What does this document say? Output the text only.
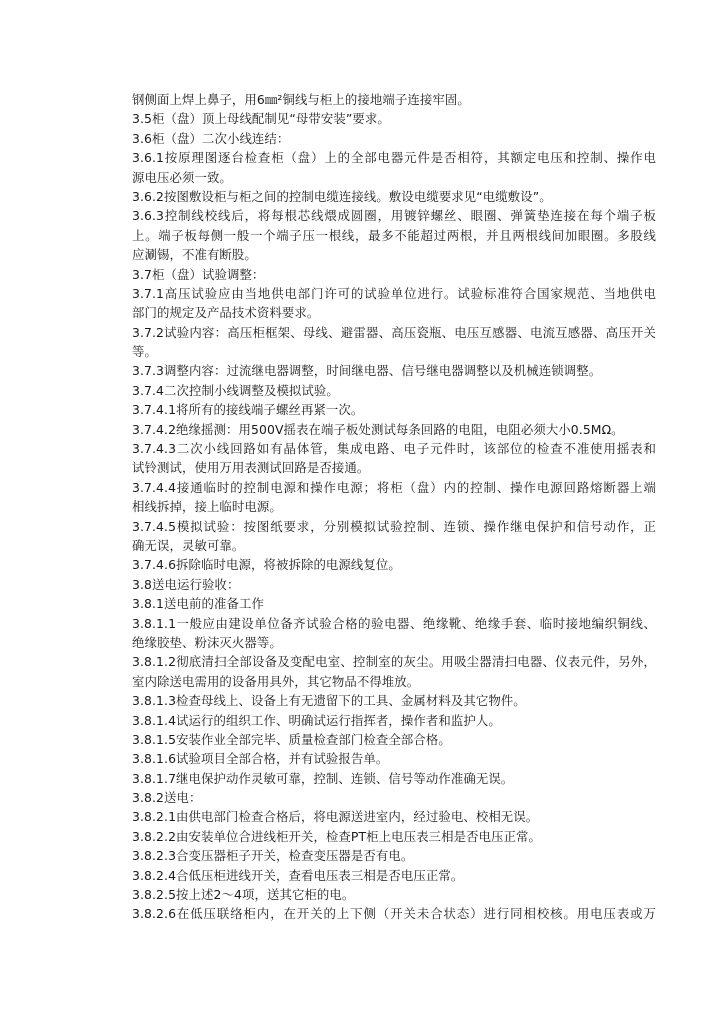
钢侧面上焊上鼻子，用6㎜²铜线与柜上的接地端子连接牢固。
3.5柜（盘）顶上母线配制见“母带安装”要求。
3.6柜（盘）二次小线连结：
3.6.1按原理图逐台检查柜（盘）上的全部电器元件是否相符，其额定电压和控制、操作电
源电压必须一致。
3.6.2按图敷设柜与柜之间的控制电缆连接线。敷设电缆要求见“电缆敷设”。
3.6.3控制线校线后，将每根芯线煨成圆圈，用镀锌螺丝、眼圈、弹簧垫连接在每个端子板
上。端子板每侧一般一个端子压一根线，最多不能超过两根，并且两根线间加眼圈。多股线
应涮锡，不准有断股。
3.7柜（盘）试验调整：
3.7.1高压试验应由当地供电部门许可的试验单位进行。试验标准符合国家规范、当地供电
部门的规定及产品技术资料要求。
3.7.2试验内容：高压柜框架、母线、避雷器、高压瓷瓶、电压互感器、电流互感器、高压开关
等。
3.7.3调整内容：过流继电器调整，时间继电器、信号继电器调整以及机械连锁调整。
3.7.4二次控制小线调整及模拟试验。
3.7.4.1将所有的接线端子螺丝再紧一次。
3.7.4.2绝缘摇测：用500V摇表在端子板处测试每条回路的电阻，电阻必须大小0.5MΩ。
3.7.4.3二次小线回路如有晶体管，集成电路、电子元件时，该部位的检查不准使用摇表和
试铃测试，使用万用表测试回路是否接通。
3.7.4.4接通临时的控制电源和操作电源；将柜（盘）内的控制、操作电源回路熔断器上端
相线拆掉，接上临时电源。
3.7.4.5模拟试验：按图纸要求，分别模拟试验控制、连锁、操作继电保护和信号动作，正
确无误，灵敏可靠。
3.7.4.6拆除临时电源，将被拆除的电源线复位。
3.8送电运行验收：
3.8.1送电前的准备工作
3.8.1.1一般应由建设单位备齐试验合格的验电器、绝缘靴、绝缘手套、临时接地编织铜线、
绝缘胶垫、粉沫灭火器等。
3.8.1.2彻底清扫全部设备及变配电室、控制室的灰尘。用吸尘器清扫电器、仪表元件，另外，
室内除送电需用的设备用具外，其它物品不得堆放。
3.8.1.3检查母线上、设备上有无遗留下的工具、金属材料及其它物件。
3.8.1.4试运行的组织工作、明确试运行指挥者，操作者和监护人。
3.8.1.5安装作业全部完毕、质量检查部门检查全部合格。
3.8.1.6试验项目全部合格，并有试验报告单。
3.8.1.7继电保护动作灵敏可靠，控制、连锁、信号等动作准确无误。
3.8.2送电：
3.8.2.1由供电部门检查合格后，将电源送进室内，经过验电、校相无误。
3.8.2.2由安装单位合进线柜开关，检查PT柜上电压表三相是否电压正常。
3.8.2.3合变压器柜子开关，检查变压器是否有电。
3.8.2.4合低压柜进线开关，查看电压表三相是否电压正常。
3.8.2.5按上述2～4项，送其它柜的电。
3.8.2.6在低压联络柜内，在开关的上下侧（开关未合状态）进行同相校核。用电压表或万
